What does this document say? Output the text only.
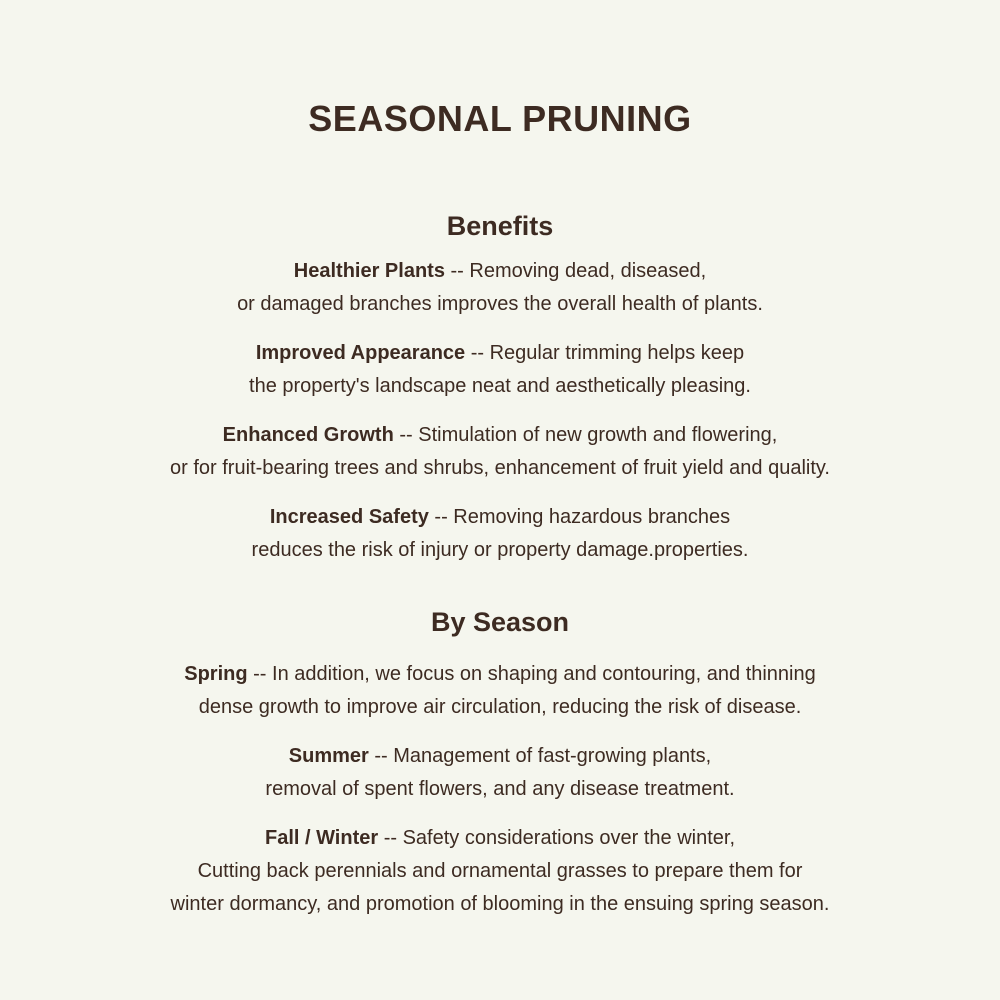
SEASONAL PRUNING
Benefits

Healthier Plants -- Removing dead, diseased,
or damaged branches improves the overall health of plants.

Improved Appearance -- Regular trimming helps keep
the property's landscape neat and aesthetically pleasing.

Enhanced Growth -- Stimulation of new growth and flowering,
or for fruit-bearing trees and shrubs, enhancement of fruit yield and quality.

Increased Safety -- Removing hazardous branches
reduces the risk of injury or property damage.properties.

By Season

Spring -- In addition, we focus on shaping and contouring, and thinning
dense growth to improve air circulation, reducing the risk of disease.

Summer -- Management of fast-growing plants,
removal of spent flowers, and any disease treatment.

Fall / Winter -- Safety considerations over the winter,
Cutting back perennials and ornamental grasses to prepare them for
winter dormancy, and promotion of blooming in the ensuing spring season.
